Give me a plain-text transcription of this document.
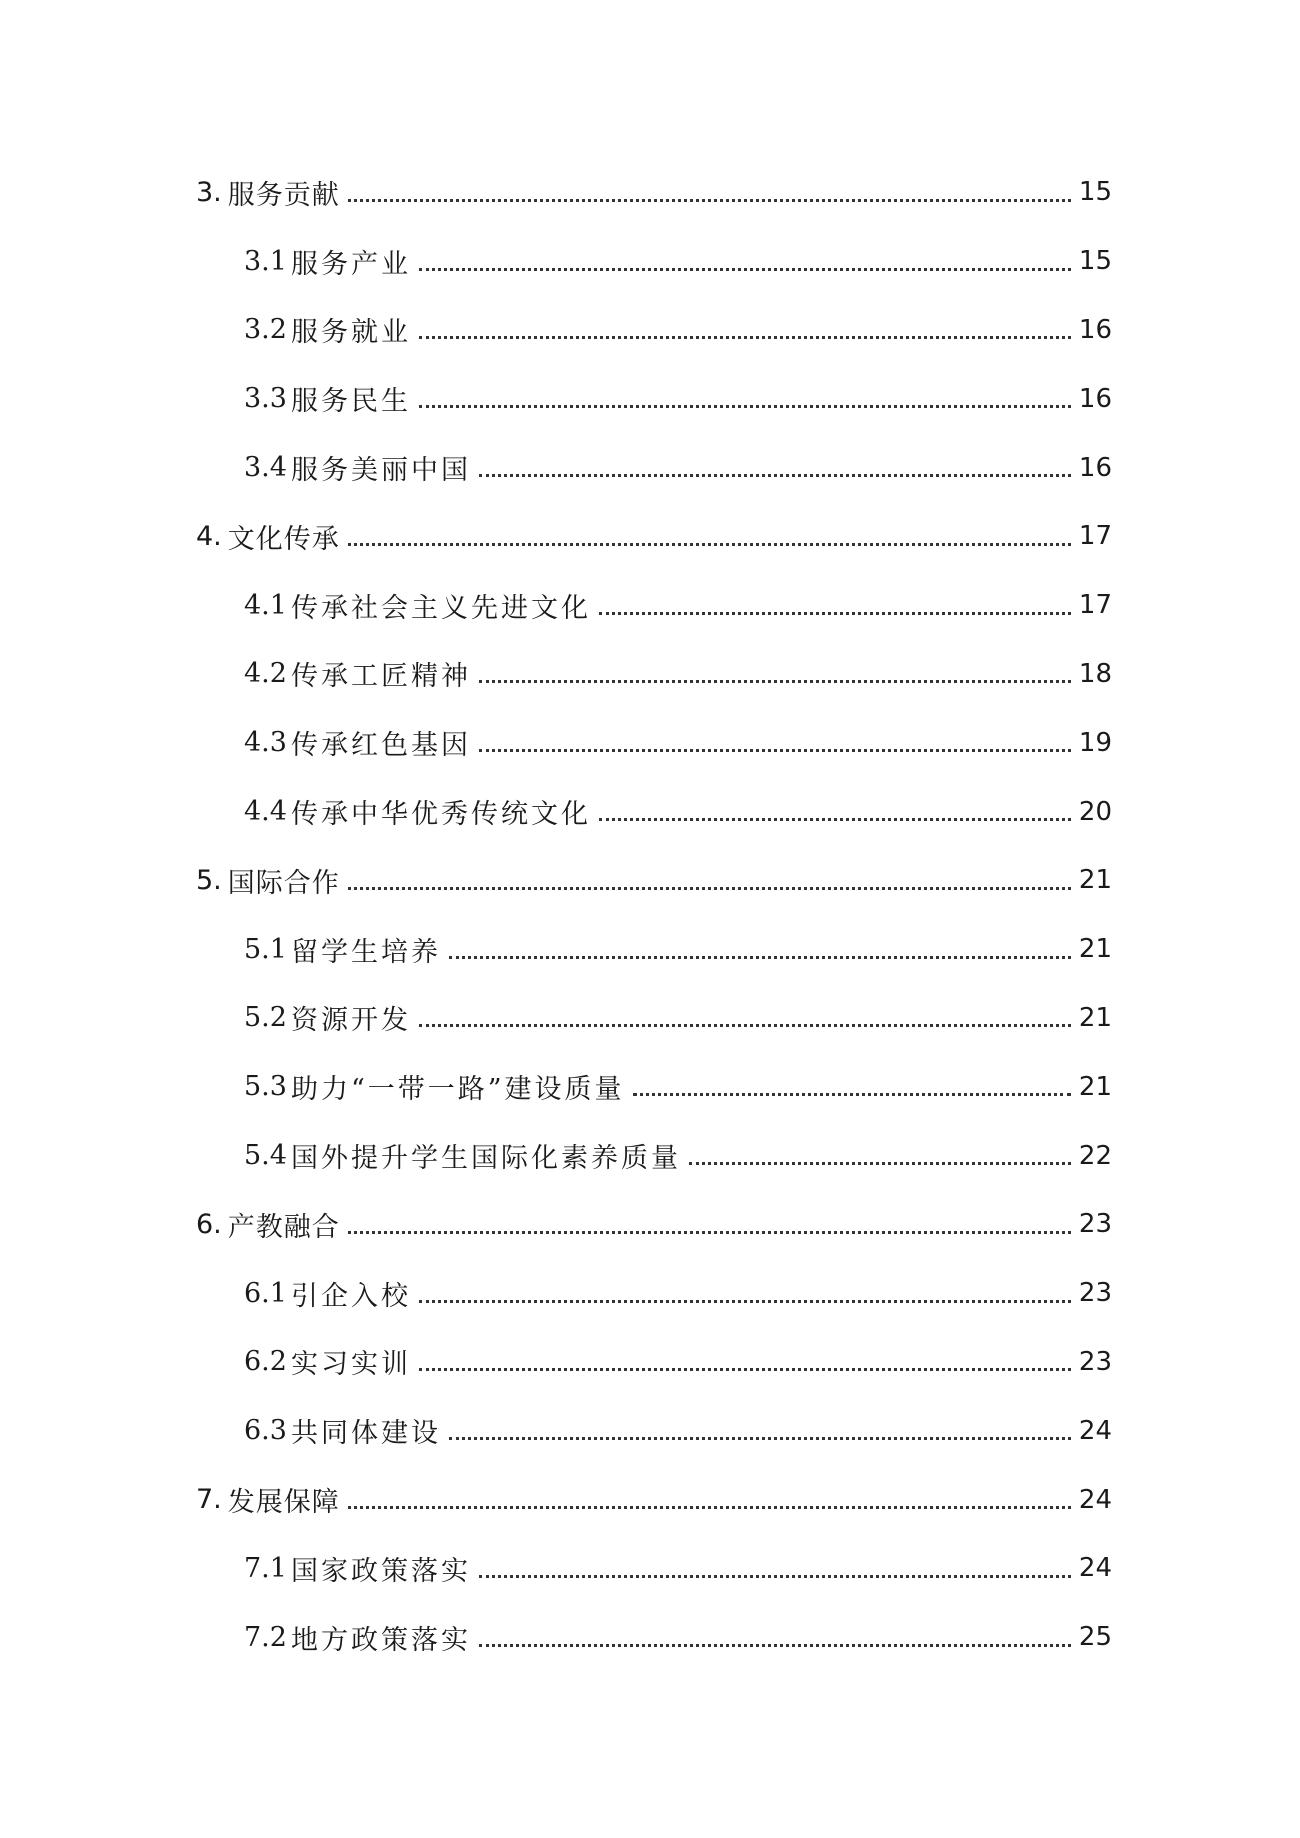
3. 服务贡献	15
3.1 服务产业	15
3.2 服务就业	16
3.3 服务民生	16
3.4 服务美丽中国	16
4. 文化传承	17
4.1 传承社会主义先进文化	17
4.2 传承工匠精神	18
4.3 传承红色基因	19
4.4 传承中华优秀传统文化	20
5. 国际合作	21
5.1 留学生培养	21
5.2 资源开发	21
5.3 助力“一带一路”建设质量	21
5.4 国外提升学生国际化素养质量	22
6. 产教融合	23
6.1 引企入校	23
6.2 实习实训	23
6.3 共同体建设	24
7. 发展保障	24
7.1 国家政策落实	24
7.2 地方政策落实	25
